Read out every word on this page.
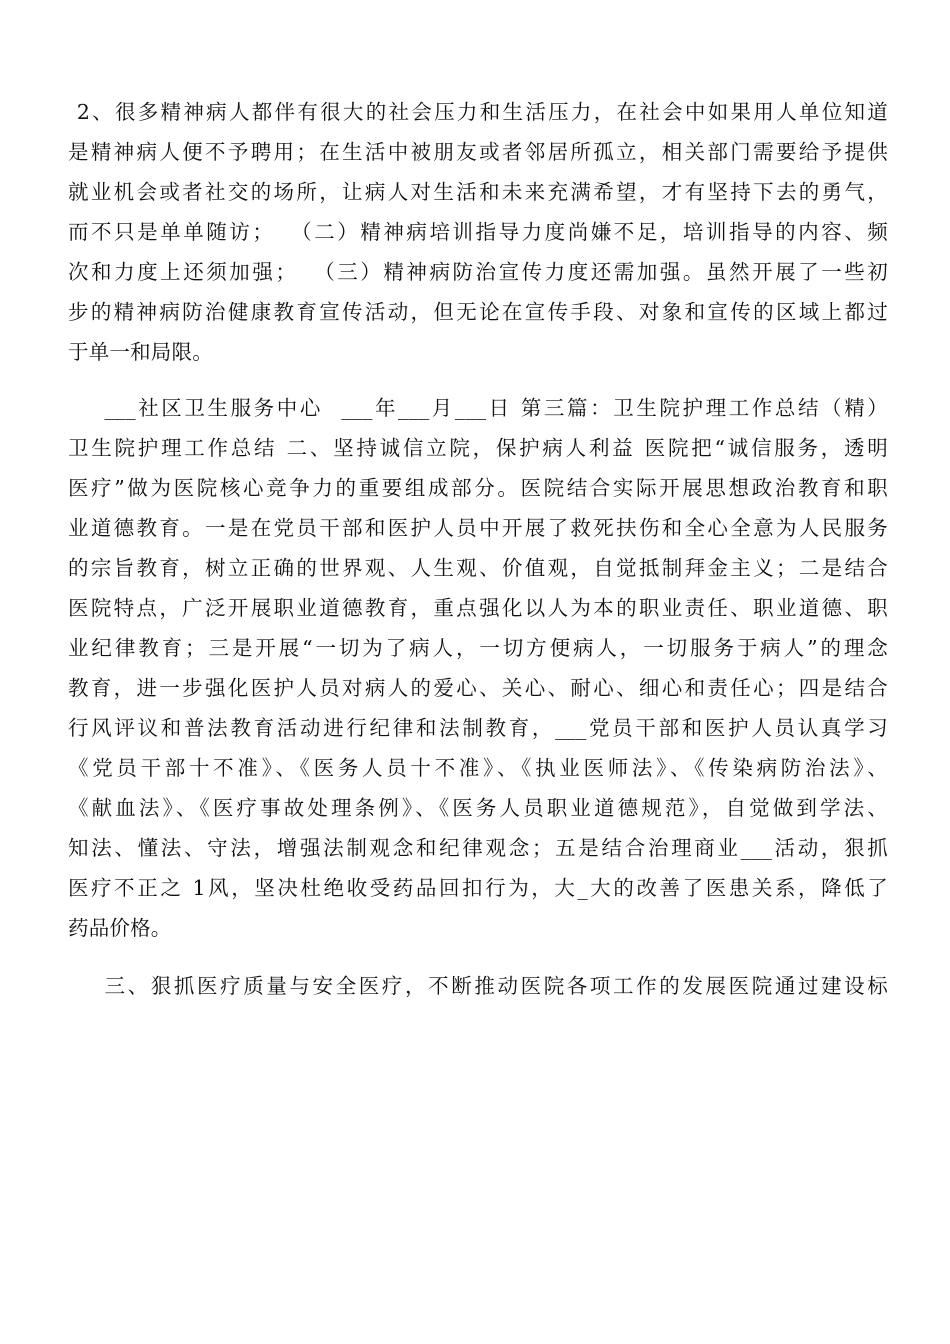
2、很多精神病人都伴有很大的社会压力和生活压力，在社会中如果用人单位知道
是精神病人便不予聘用；在生活中被朋友或者邻居所孤立，相关部门需要给予提供
就业机会或者社交的场所，让病人对生活和未来充满希望，才有坚持下去的勇气，
而不只是单单随访；  （二）精神病培训指导力度尚嫌不足，培训指导的内容、频
次和力度上还须加强；  （三）精神病防治宣传力度还需加强。虽然开展了一些初
步的精神病防治健康教育宣传活动，但无论在宣传手段、对象和宣传的区域上都过
于单一和局限。
___社区卫生服务中心  ___年___月___日 第三篇：卫生院护理工作总结（精）
卫生院护理工作总结 二、坚持诚信立院，保护病人利益 医院把“诚信服务，透明
医疗”做为医院核心竞争力的重要组成部分。医院结合实际开展思想政治教育和职
业道德教育。一是在党员干部和医护人员中开展了救死扶伤和全心全意为人民服务
的宗旨教育，树立正确的世界观、人生观、价值观，自觉抵制拜金主义；二是结合
医院特点，广泛开展职业道德教育，重点强化以人为本的职业责任、职业道德、职
业纪律教育；三是开展“一切为了病人，一切方便病人，一切服务于病人”的理念
教育，进一步强化医护人员对病人的爱心、关心、耐心、细心和责任心；四是结合
行风评议和普法教育活动进行纪律和法制教育，___党员干部和医护人员认真学习
《党员干部十不准》、《医务人员十不准》、《执业医师法》、《传染病防治法》、
《献血法》、《医疗事故处理条例》、《医务人员职业道德规范》，自觉做到学法、
知法、懂法、守法，增强法制观念和纪律观念；五是结合治理商业___活动，狠抓
医疗不正之 1风，坚决杜绝收受药品回扣行为，大_大的改善了医患关系，降低了
药品价格。
三、狠抓医疗质量与安全医疗，不断推动医院各项工作的发展医院通过建设标
